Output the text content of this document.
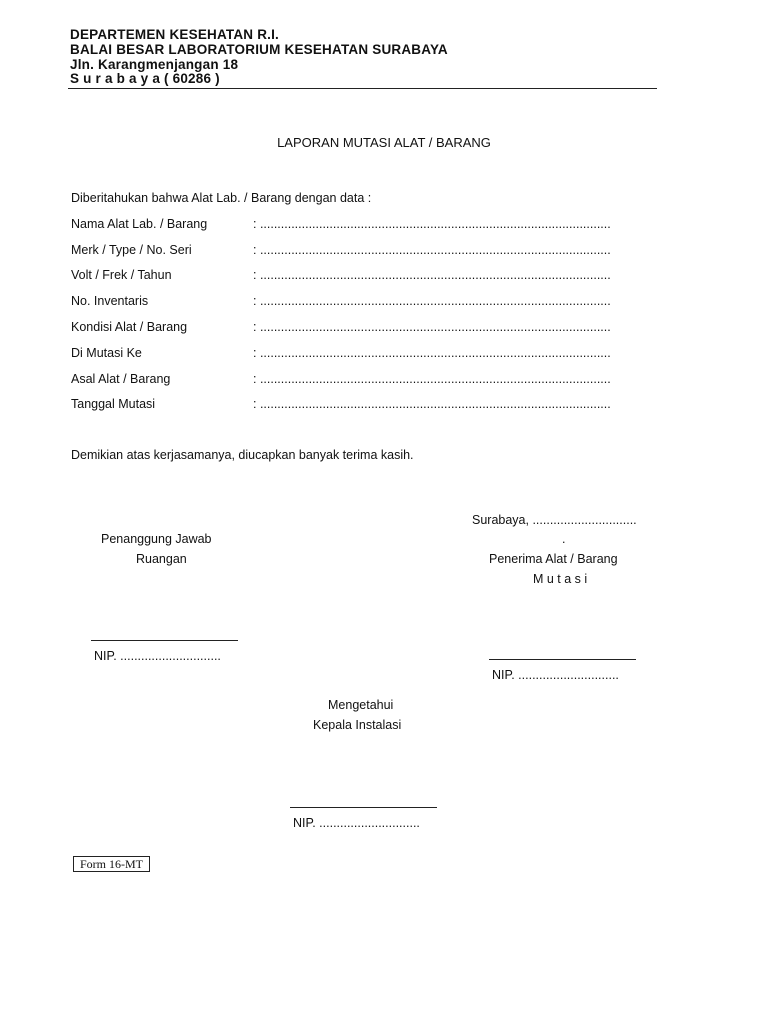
DEPARTEMEN KESEHATAN R.I.
BALAI BESAR LABORATORIUM KESEHATAN SURABAYA
Jln. Karangmenjangan 18
S u r a b a y a ( 60286 )
LAPORAN MUTASI ALAT / BARANG
Diberitahukan bahwa Alat Lab. / Barang dengan data :
Nama Alat Lab. / Barang	: .....................................................................................................
Merk / Type / No. Seri	: .....................................................................................................
Volt / Frek / Tahun	: .....................................................................................................
No. Inventaris	: .....................................................................................................
Kondisi Alat / Barang	: .....................................................................................................
Di Mutasi Ke	: .....................................................................................................
Asal Alat / Barang	: .....................................................................................................
Tanggal Mutasi	: .....................................................................................................
Demikian atas kerjasamanya, diucapkan banyak terima kasih.
Surabaya, ..............................
.
Penanggung Jawab
Ruangan
NIP. .............................
Penerima Alat / Barang
M u t a s i
NIP. .............................
Mengetahui
Kepala Instalasi
NIP. .............................
Form 16-MT
